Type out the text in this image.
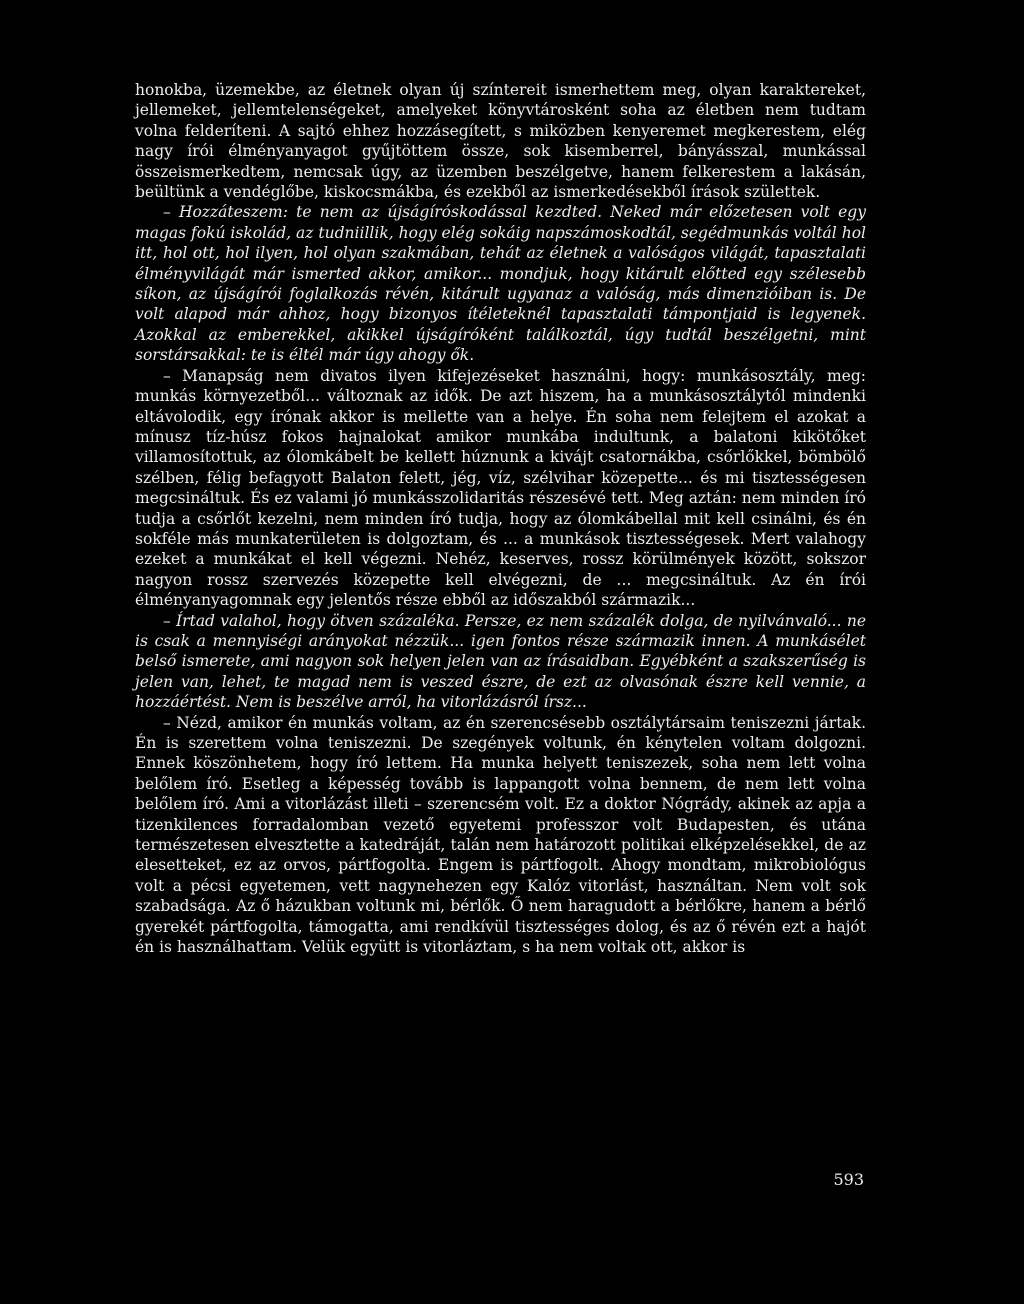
honokba, üzemekbe, az életnek olyan új színtereit ismerhettem meg, olyan karaktereket, jellemeket, jellemtelenségeket, amelyeket könyvtárosként soha az életben nem tudtam volna felderíteni. A sajtó ehhez hozzásegített, s miközben kenyeremet megkerestem, elég nagy írói élményanyagot gyűjtöttem össze, sok kisemberrel, bányásszal, munkással összeismerkedtem, nemcsak úgy, az üzemben beszélgetve, hanem felkerestem a lakásán, beültünk a vendéglőbe, kiskocsmákba, és ezekből az ismerkedésekből írások születtek.

– Hozzáteszem: te nem az újságíróskodással kezdted. Neked már előzetesen volt egy magas fokú iskolád, az tudniillik, hogy elég sokáig napszámoskodtál, segédmunkás voltál hol itt, hol ott, hol ilyen, hol olyan szakmában, tehát az életnek a valóságos világát, tapasztalati élményvilágát már ismerted akkor, amikor... mondjuk, hogy kitárult előtted egy szélesebb síkon, az újságírói foglalkozás révén, kitárult ugyanaz a valóság, más dimenzióiban is. De volt alapod már ahhoz, hogy bizonyos ítéleteknél tapasztalati támpontjaid is legyenek. Azokkal az emberekkel, akikkel újságíróként találkoztál, úgy tudtál beszélgetni, mint sorstársakkal: te is éltél már úgy ahogy ők.

– Manapság nem divatos ilyen kifejezéseket használni, hogy: munkásosztály, meg: munkás környezetből... változnak az idők. De azt hiszem, ha a munkásosztálytól mindenki eltávolodik, egy írónak akkor is mellette van a helye. Én soha nem felejtem el azokat a mínusz tíz-húsz fokos hajnalokat amikor munkába indultunk, a balatoni kikötőket villamosítottuk, az ólomkábelt be kellett húznunk a kivájt csatornákba, csőrlőkkel, bömbölő szélben, félig befagyott Balaton felett, jég, víz, szélvihar közepette... és mi tisztességesen megcsináltuk. És ez valami jó munkásszolidaritás részesévé tett. Meg aztán: nem minden író tudja a csőrlőt kezelni, nem minden író tudja, hogy az ólomkábellal mit kell csinálni, és én sokféle más munkaterületen is dolgoztam, és ... a munkások tisztességesek. Mert valahogy ezeket a munkákat el kell végezni. Nehéz, keserves, rossz körülmények között, sokszor nagyon rossz szervezés közepette kell elvégezni, de ... megcsináltuk. Az én írói élményanyagomnak egy jelentős része ebből az időszakból származik...

– Írtad valahol, hogy ötven százaléka. Persze, ez nem százalék dolga, de nyilvánvaló... ne is csak a mennyiségi arányokat nézzük... igen fontos része származik innen. A munkásélet belső ismerete, ami nagyon sok helyen jelen van az írásaidban. Egyébként a szakszerűség is jelen van, lehet, te magad nem is veszed észre, de ezt az olvasónak észre kell vennie, a hozzáértést. Nem is beszélve arról, ha vitorlázásról írsz...

– Nézd, amikor én munkás voltam, az én szerencsésebb osztálytársaim teniszezni jártak. Én is szerettem volna teniszezni. De szegények voltunk, én kénytelen voltam dolgozni. Ennek köszönhetem, hogy író lettem. Ha munka helyett teniszezek, soha nem lett volna belőlem író. Esetleg a képesség tovább is lappangott volna bennem, de nem lett volna belőlem író. Ami a vitorlázást illeti – szerencsém volt. Ez a doktor Nógrády, akinek az apja a tizenkilences forradalomban vezető egyetemi professzor volt Budapesten, és utána természetesen elvesztette a katedráját, talán nem határozott politikai elképzelésekkel, de az elesetteket, ez az orvos, pártfogolta. Engem is pártfogolt. Ahogy mondtam, mikrobiológus volt a pécsi egyetemen, vett nagynehezen egy Kalóz vitorlást, használtan. Nem volt sok szabadsága. Az ő házukban voltunk mi, bérlők. Ő nem haragudott a bérlőkre, hanem a bérlő gyerekét pártfogolta, támogatta, ami rendkívül tisztességes dolog, és az ő révén ezt a hajót én is használhattam. Velük együtt is vitorláztam, s ha nem voltak ott, akkor is

593
